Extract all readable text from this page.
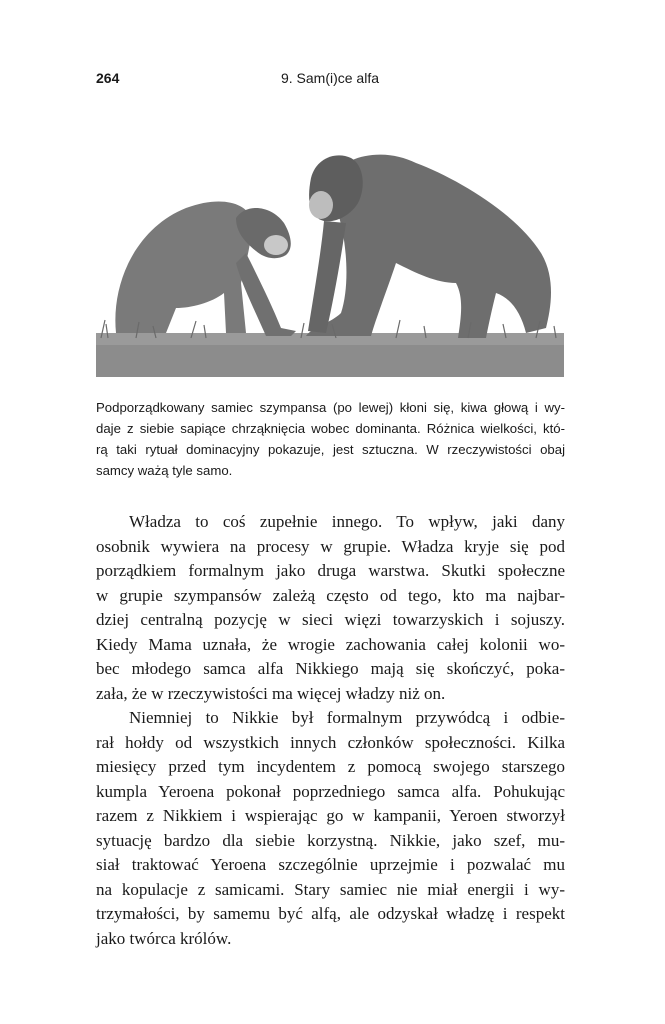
264	9. Sam(i)ce alfa
Podporządkowany samiec szympansa (po lewej) kłoni się, kiwa głową i wy-
daje z siebie sapiące chrząknięcia wobec dominanta. Różnica wielkości, któ-
rą taki rytuał dominacyjny pokazuje, jest sztuczna. W rzeczywistości obaj
samcy ważą tyle samo.
Władza to coś zupełnie innego. To wpływ, jaki dany
osobnik wywiera na procesy w grupie. Władza kryje się pod
porządkiem formalnym jako druga warstwa. Skutki społeczne
w grupie szympansów zależą często od tego, kto ma najbar-
dziej centralną pozycję w sieci więzi towarzyskich i sojuszy.
Kiedy Mama uznała, że wrogie zachowania całej kolonii wo-
bec młodego samca alfa Nikkiego mają się skończyć, poka-
zała, że w rzeczywistości ma więcej władzy niż on.
Niemniej to Nikkie był formalnym przywódcą i odbie-
rał hołdy od wszystkich innych członków społeczności. Kilka
miesięcy przed tym incydentem z pomocą swojego starszego
kumpla Yeroena pokonał poprzedniego samca alfa. Pohukując
razem z Nikkiem i wspierając go w kampanii, Yeroen stworzył
sytuację bardzo dla siebie korzystną. Nikkie, jako szef, mu-
siał traktować Yeroena szczególnie uprzejmie i pozwalać mu
na kopulacje z samicami. Stary samiec nie miał energii i wy-
trzymałości, by samemu być alfą, ale odzyskał władzę i respekt
jako twórca królów.
